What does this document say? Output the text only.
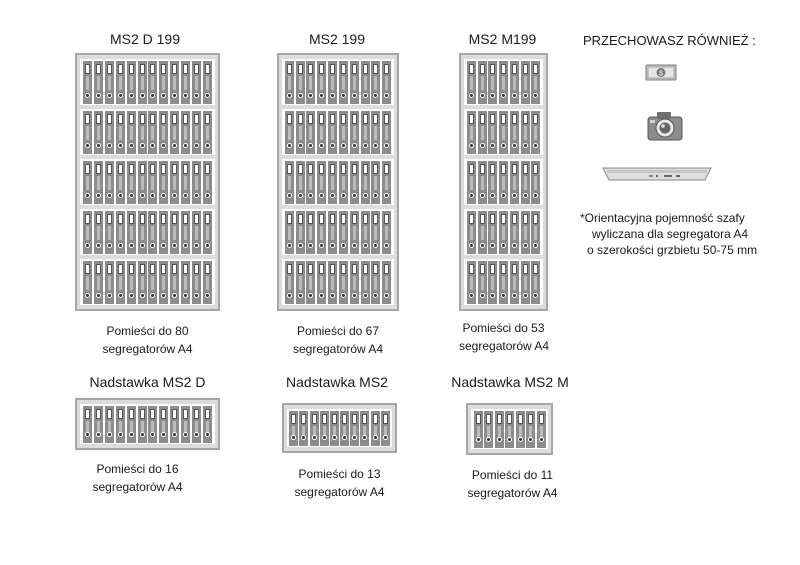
MS2 D 199	MS2 199	MS2 M199
Pomieści do 80
segregatorów A4
Pomieści do 67
segregatorów A4
Pomieści do 53
segregatorów A4
Nadstawka MS2 D	Nadstawka MS2	Nadstawka MS2 M
Pomieści do 16
segregatorów A4
Pomieści do 13
segregatorów A4
Pomieści do 11
segregatorów A4
PRZECHOWASZ RÓWNIEŻ :
$
*Orientacyjna pojemność szafy
wyliczana dla segregatora A4
o szerokości grzbietu 50-75 mm
